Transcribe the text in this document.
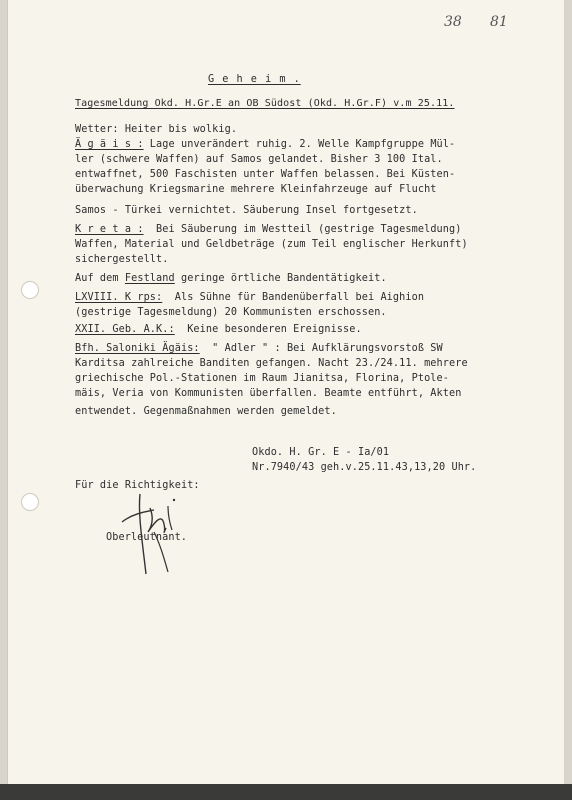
38 81
G e h e i m .
Tagesmeldung Okd. H.Gr.E an OB Südost (Okd. H.Gr.F) v.m 25.11.
Wetter: Heiter bis wolkig.
Ä g ä i s : Lage unverändert ruhig. 2. Welle Kampfgruppe Mül-
ler (schwere Waffen) auf Samos gelandet. Bisher 3 100 Ital.
entwaffnet, 500 Faschisten unter Waffen belassen. Bei Küsten-
überwachung Kriegsmarine mehrere Kleinfahrzeuge auf Flucht
Samos - Türkei vernichtet. Säuberung Insel fortgesetzt.
K r e t a :  Bei Säuberung im Westteil (gestrige Tagesmeldung)
Waffen, Material und Geldbeträge (zum Teil englischer Herkunft)
sichergestellt.
Auf dem Festland geringe örtliche Bandentätigkeit.
LXVIII. K rps:  Als Sühne für Bandenüberfall bei Aighion
(gestrige Tagesmeldung) 20 Kommunisten erschossen.
XXII. Geb. A.K.:  Keine besonderen Ereignisse.
Bfh. Saloniki Ägäis:  " Adler " : Bei Aufklärungsvorstoß SW
Karditsa zahlreiche Banditen gefangen. Nacht 23./24.11. mehrere
griechische Pol.-Stationen im Raum Jianitsa, Florina, Ptole-
mäis, Veria von Kommunisten überfallen. Beamte entführt, Akten
entwendet. Gegenmaßnahmen werden gemeldet.
Okdo. H. Gr. E - Ia/01
Nr.7940/43 geh.v.25.11.43,13,20 Uhr.
Für die Richtigkeit:
Oberleutnant.
